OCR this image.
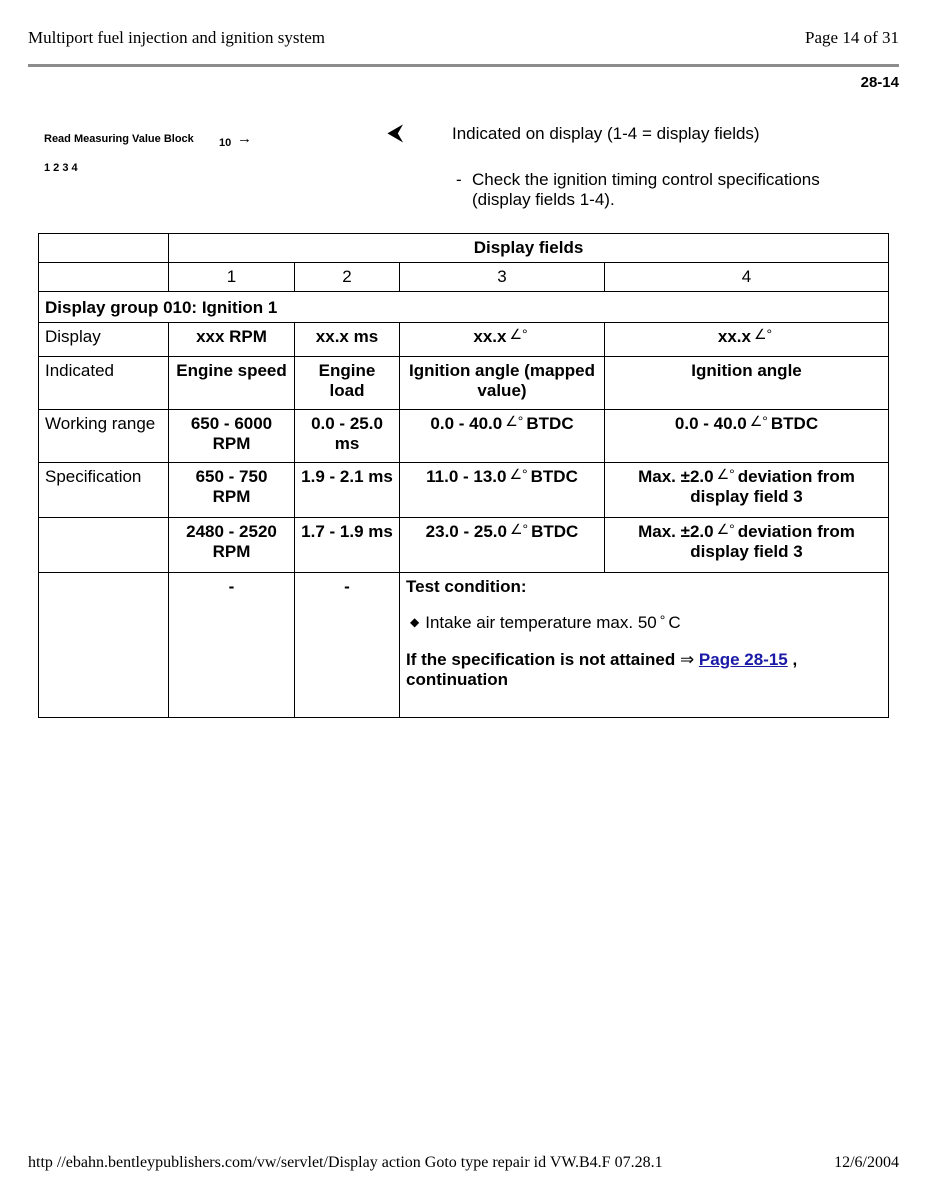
Multiport fuel injection and ignition system	Page 14 of 31
28-14
Read Measuring Value Block 10 →
1 2 3 4
⮜	Indicated on display (1-4 = display fields)
- Check the ignition timing control specifications (display fields 1-4).
	Display fields			
	1	2	3	4
Display group 010: Ignition 1				
Display	xxx RPM	xx.x ms	xx.x ∠°	xx.x ∠°
Indicated	Engine speed	Engine load	Ignition angle (mapped value)	Ignition angle
Working range	650 - 6000 RPM	0.0 - 25.0 ms	0.0 - 40.0 ∠° BTDC	0.0 - 40.0 ∠° BTDC
Specification	650 - 750 RPM	1.9 - 2.1 ms	11.0 - 13.0 ∠° BTDC	Max. ±2.0 ∠° deviation from display field 3
	2480 - 2520 RPM	1.7 - 1.9 ms	23.0 - 25.0 ∠° BTDC	Max. ±2.0 ∠° deviation from display field 3
	-	-	Test condition:
◆ Intake air temperature max. 50 ° C
If the specification is not attained ⇒ Page 28-15 ,
continuation	
http //ebahn.bentleypublishers.com/vw/servlet/Display action Goto type repair id VW.B4.F 07.28.1	12/6/2004
